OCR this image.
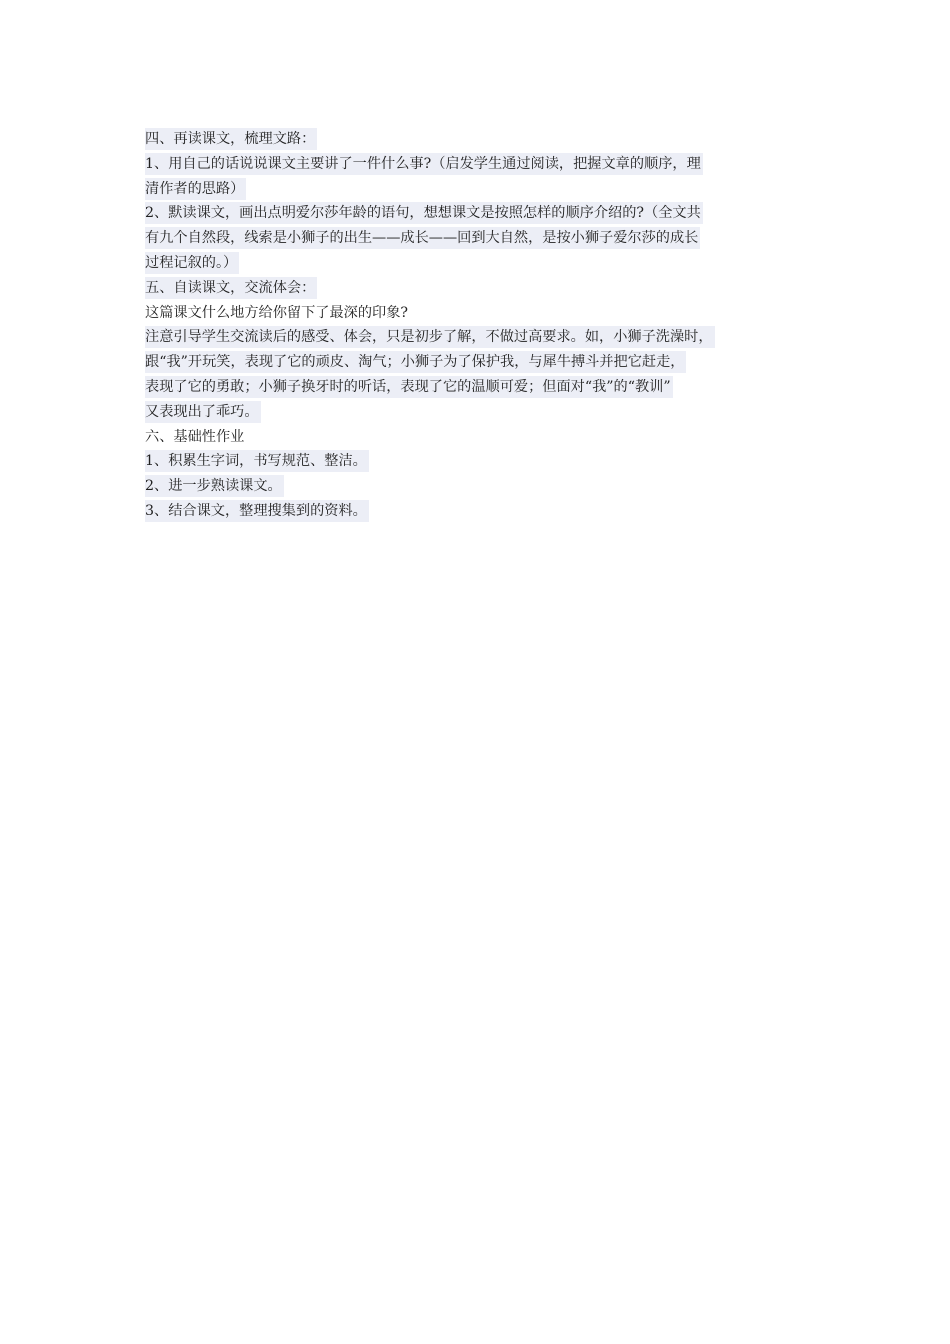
四、再读课文，梳理文路：
1、用自己的话说说课文主要讲了一件什么事?（启发学生通过阅读，把握文章的顺序，理
清作者的思路）
2、默读课文，画出点明爱尔莎年龄的语句，想想课文是按照怎样的顺序介绍的?（全文共
有九个自然段，线索是小狮子的出生——成长——回到大自然，是按小狮子爱尔莎的成长
过程记叙的。）
五、自读课文，交流体会：
这篇课文什么地方给你留下了最深的印象?
注意引导学生交流读后的感受、体会，只是初步了解，不做过高要求。如，小狮子洗澡时，
跟“我”开玩笑，表现了它的顽皮、淘气；小狮子为了保护我，与犀牛搏斗并把它赶走，
表现了它的勇敢；小狮子换牙时的听话，表现了它的温顺可爱；但面对“我”的“教训”
又表现出了乖巧。
六、基础性作业
1、积累生字词，书写规范、整洁。
2、进一步熟读课文。
3、结合课文，整理搜集到的资料。
